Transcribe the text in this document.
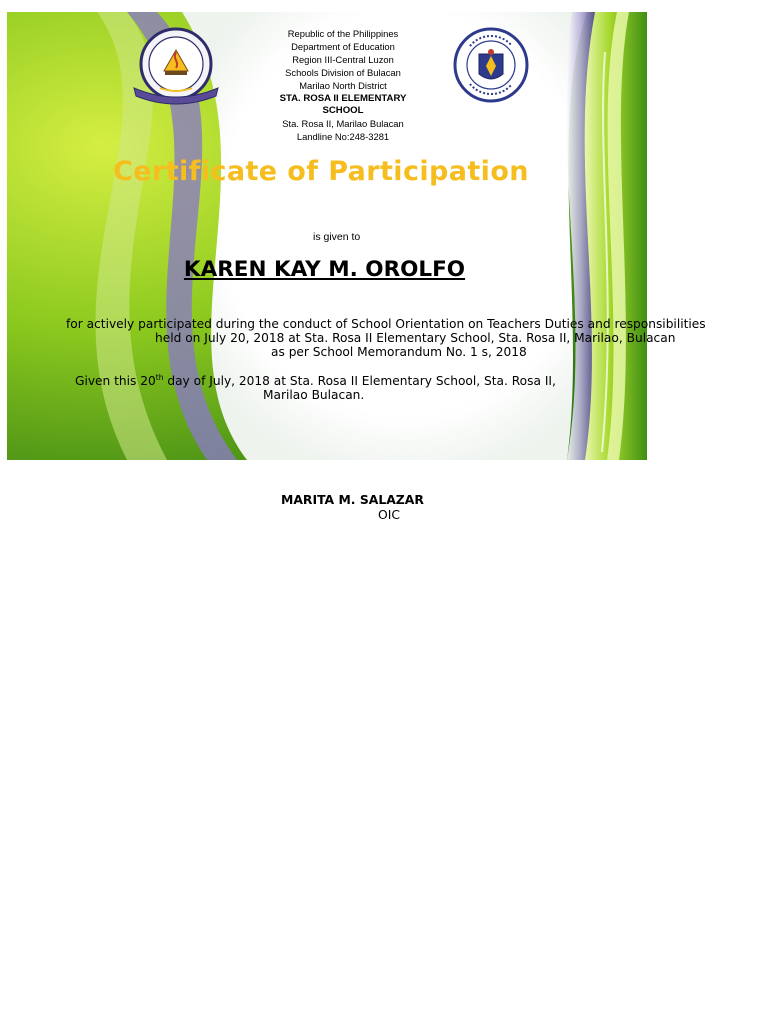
Republic of the Philippines
Department of Education
Region III-Central Luzon
Schools Division of Bulacan
Marilao North District
STA. ROSA II ELEMENTARY SCHOOL
Sta. Rosa II, Marilao Bulacan
Landline No:248-3281
Certificate of Participation
is given to
KAREN KAY M. OROLFO
for actively participated during the conduct of School Orientation on Teachers Duties and responsibilities
held on July 20, 2018 at Sta. Rosa II Elementary School, Sta. Rosa II, Marilao, Bulacan
as per School Memorandum No. 1 s, 2018
Given this 20th day of July, 2018 at Sta. Rosa II Elementary School, Sta. Rosa II,
Marilao Bulacan.
MARITA M. SALAZAR
OIC
